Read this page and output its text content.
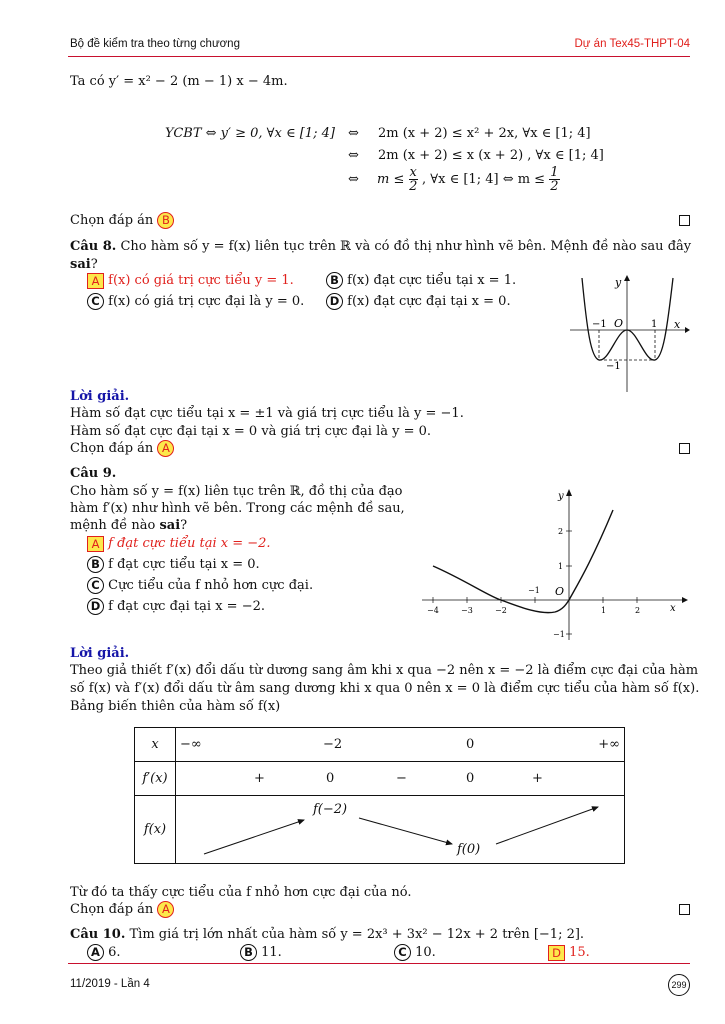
Bộ đề kiểm tra theo từng chương	Dự án Tex45-THPT-04
Ta có y′ = x² − 2 (m − 1) x − 4m.
YCBT ⇔ y′ ≥ 0, ∀x ∈ [1; 4] ⇔ 2m (x + 2) ≤ x² + 2x, ∀x ∈ [1; 4]
⇔ 2m (x + 2) ≤ x (x + 2) , ∀x ∈ [1; 4]
⇔ $m \le \frac{x}{2}$ , ∀x ∈ [1; 4] ⇔ $m \le \frac{1}{2}$
Chọn đáp án B
Câu 8. Cho hàm số y = f(x) liên tục trên ℝ và có đồ thị như hình vẽ bên. Mệnh đề nào sau đây
sai?
A f(x) có giá trị cực tiểu y = 1.	B f(x) đạt cực tiểu tại x = 1.
C f(x) có giá trị cực đại là y = 0.	D f(x) đạt cực đại tại x = 0.
y
x
−1 O	1
−1
Lời giải.
Hàm số đạt cực tiểu tại x = ±1 và giá trị cực tiểu là y = −1.
Hàm số đạt cực đại tại x = 0 và giá trị cực đại là y = 0.
Chọn đáp án A
Câu 9.
Cho hàm số y = f(x) liên tục trên ℝ, đồ thị của đạo
hàm f′(x) như hình vẽ bên. Trong các mệnh đề sau,
mệnh đề nào sai?
A f đạt cực tiểu tại x = −2.
B f đạt cực tiểu tại x = 0.
C Cực tiểu của f nhỏ hơn cực đại.
D f đạt cực đại tại x = −2.
y
x
O
−4	−3	−2
−1
1	2
2
1
−1
Lời giải.
Theo giả thiết f′(x) đổi dấu từ dương sang âm khi x qua −2 nên x = −2 là điểm cực đại của hàm
số f(x) và f′(x) đổi dấu từ âm sang dương khi x qua 0 nên x = 0 là điểm cực tiểu của hàm số f(x).
Bảng biến thiên của hàm số f(x)
x	−∞ −2 0 +∞

f′(x)	+ 0 − 0 +

f(x)	f(−2)
f(0)
Từ đó ta thấy cực tiểu của f nhỏ hơn cực đại của nó.
Chọn đáp án A
Câu 10. Tìm giá trị lớn nhất của hàm số y = 2x³ + 3x² − 12x + 2 trên [−1; 2].
A 6.	B 11.	C 10.	D 15.
11/2019 - Lần 4	299
